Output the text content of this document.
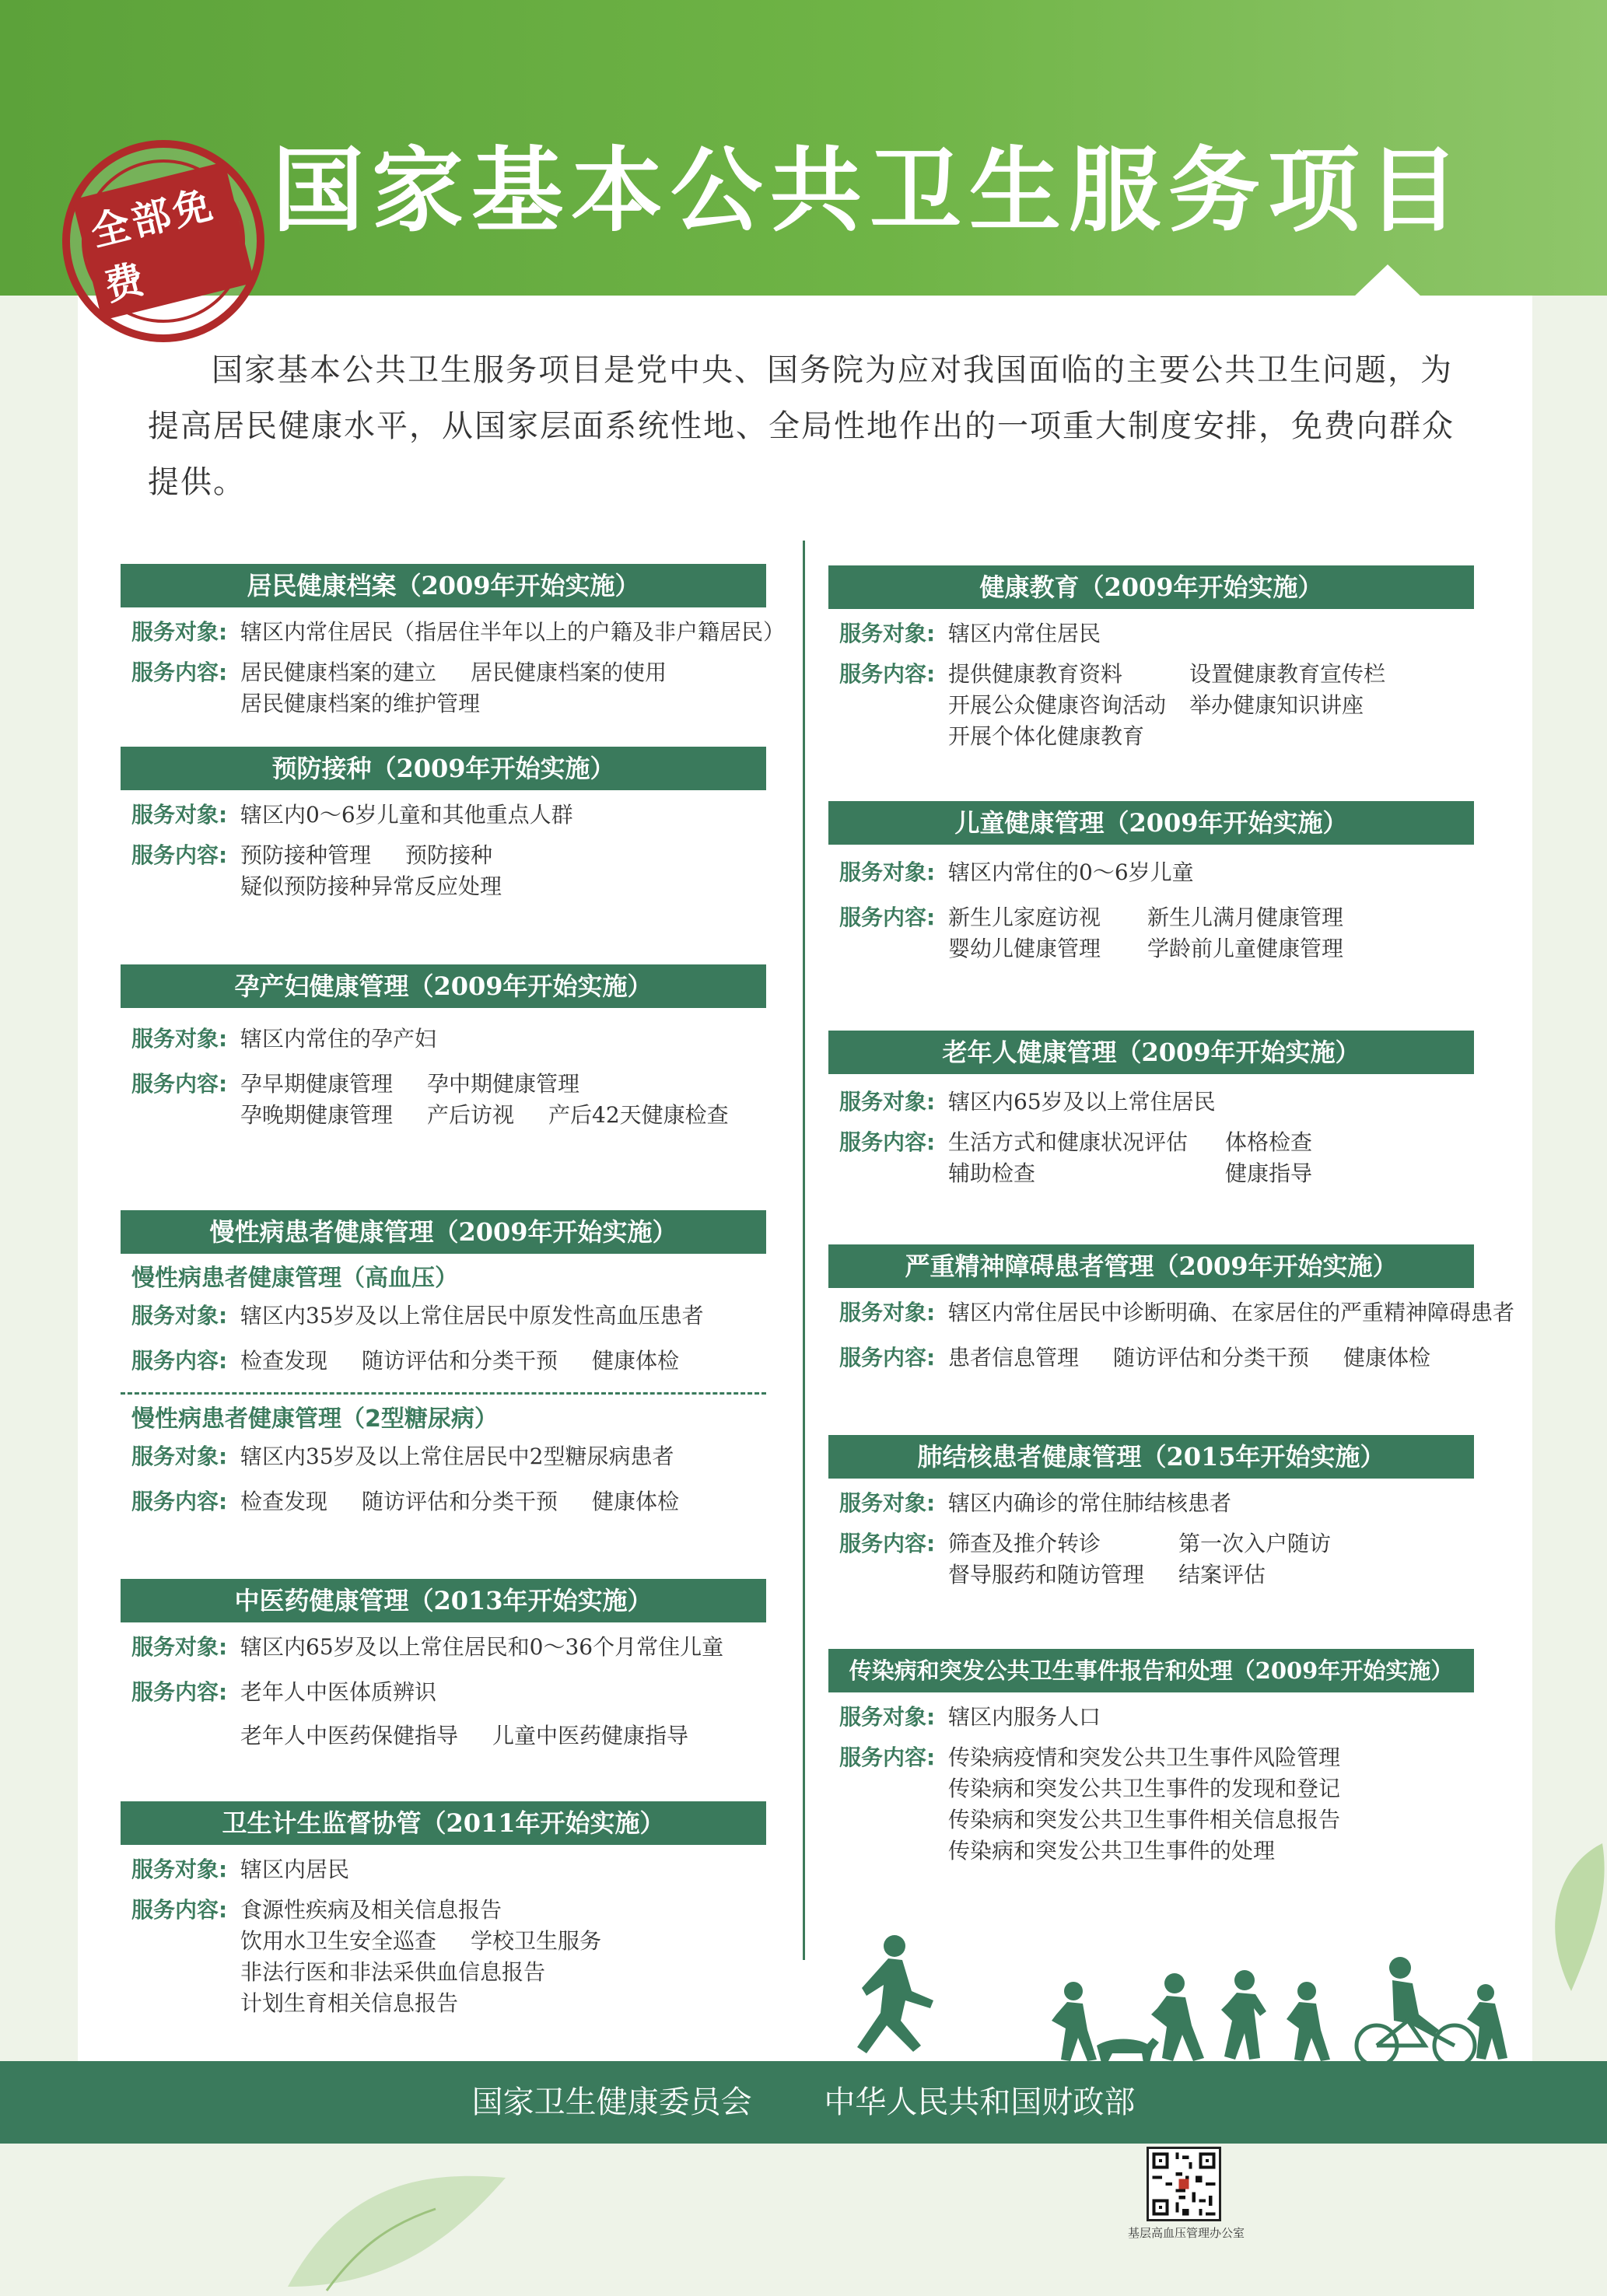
全部免费
国家基本公共卫生服务项目
国家基本公共卫生服务项目是党中央、国务院为应对我国面临的主要公共卫生问题，为提高居民健康水平，从国家层面系统性地、全局性地作出的一项重大制度安排，免费向群众提供。
居民健康档案（2009年开始实施）
服务对象: 辖区内常住居民（指居住半年以上的户籍及非户籍居民）
服务内容: 居民健康档案的建立 居民健康档案的使用
居民健康档案的维护管理
预防接种（2009年开始实施）
服务对象: 辖区内0～6岁儿童和其他重点人群
服务内容: 预防接种管理 预防接种
疑似预防接种异常反应处理
孕产妇健康管理（2009年开始实施）
服务对象: 辖区内常住的孕产妇
服务内容: 孕早期健康管理 孕中期健康管理
孕晚期健康管理 产后访视 产后42天健康检查
慢性病患者健康管理（2009年开始实施）
慢性病患者健康管理（高血压）
服务对象: 辖区内35岁及以上常住居民中原发性高血压患者
服务内容: 检查发现 随访评估和分类干预 健康体检
慢性病患者健康管理（2型糖尿病）
服务对象: 辖区内35岁及以上常住居民中2型糖尿病患者
服务内容: 检查发现 随访评估和分类干预 健康体检
中医药健康管理（2013年开始实施）
服务对象: 辖区内65岁及以上常住居民和0～36个月常住儿童
服务内容: 老年人中医体质辨识
老年人中医药保健指导 儿童中医药健康指导
卫生计生监督协管（2011年开始实施）
服务对象: 辖区内居民
服务内容: 食源性疾病及相关信息报告
饮用水卫生安全巡查 学校卫生服务
非法行医和非法采供血信息报告
计划生育相关信息报告
健康教育（2009年开始实施）
服务对象: 辖区内常住居民
服务内容: 提供健康教育资料	设置健康教育宣传栏
开展公众健康咨询活动	举办健康知识讲座
开展个体化健康教育
儿童健康管理（2009年开始实施）
服务对象: 辖区内常住的0～6岁儿童
服务内容: 新生儿家庭访视	新生儿满月健康管理
婴幼儿健康管理	学龄前儿童健康管理
老年人健康管理（2009年开始实施）
服务对象: 辖区内65岁及以上常住居民
服务内容: 生活方式和健康状况评估	体格检查
辅助检查	健康指导
严重精神障碍患者管理（2009年开始实施）
服务对象: 辖区内常住居民中诊断明确、在家居住的严重精神障碍患者
服务内容: 患者信息管理 随访评估和分类干预 健康体检
肺结核患者健康管理（2015年开始实施）
服务对象: 辖区内确诊的常住肺结核患者
服务内容: 筛查及推介转诊	第一次入户随访
督导服药和随访管理	结案评估
传染病和突发公共卫生事件报告和处理（2009年开始实施）
服务对象: 辖区内服务人口
服务内容: 传染病疫情和突发公共卫生事件风险管理
传染病和突发公共卫生事件的发现和登记
传染病和突发公共卫生事件相关信息报告
传染病和突发公共卫生事件的处理
国家卫生健康委员会 中华人民共和国财政部
基层高血压管理办公室
